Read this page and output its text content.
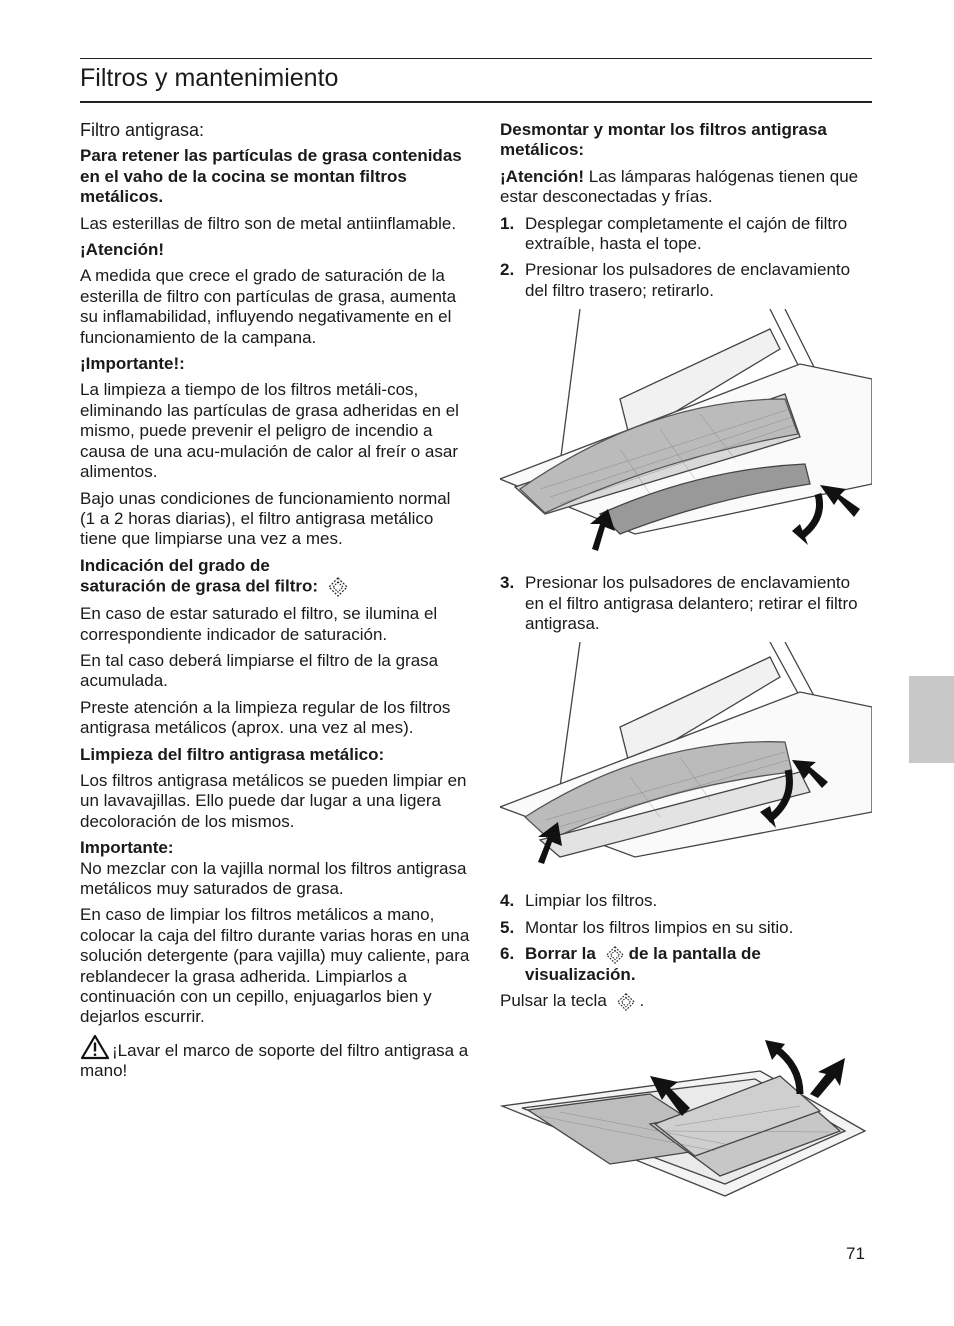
Filtros y mantenimiento
Filtro antigrasa:

Para retener las partículas de grasa contenidas en el vaho de la cocina se montan filtros metálicos.

Las esterillas de filtro son de metal antiinflamable.

¡Atención!

A medida que crece el grado de saturación de la esterilla de filtro con partículas de grasa, aumenta su inflamabilidad, influyendo negativamente en el funcionamiento de la campana.

¡Importante!:

La limpieza a tiempo de los filtros metáli-cos, eliminando las partículas de grasa adheridas en el mismo, puede prevenir el peligro de incendio a causa de una acu-mulación de calor al freír o asar alimentos.

Bajo unas condiciones de funcionamiento normal (1 a 2 horas diarias), el filtro antigrasa metálico tiene que limpiarse una vez a mes.

Indicación del grado de
saturación de grasa del filtro:

En caso de estar saturado el filtro, se ilumina el correspondiente indicador de saturación.

En tal caso deberá limpiarse el filtro de la grasa acumulada.

Preste atención a la limpieza regular de los filtros antigrasa metálicos (aprox. una vez al mes).

Limpieza del filtro antigrasa metálico:

Los filtros antigrasa metálicos se pueden limpiar en un lavavajillas. Ello puede dar lugar a una ligera decoloración de los mismos.

Importante:

No mezclar con la vajilla normal los filtros antigrasa metálicos muy saturados de grasa.

En caso de limpiar los filtros metálicos a mano, colocar la caja del filtro durante varias horas en una solución detergente (para vajilla) muy caliente, para reblandecer la grasa adherida. Limpiarlos a continuación con un cepillo, enjuagarlos bien y dejarlos escurrir.

¡Lavar el marco de soporte del filtro antigrasa a mano!

Desmontar y montar los filtros antigrasa metálicos:

¡Atención! Las lámparas halógenas tienen que estar desconectadas y frías.

1. Desplegar completamente el cajón de filtro extraíble, hasta el tope.
2. Presionar los pulsadores de enclavamiento del filtro trasero; retirarlo.
3. Presionar los pulsadores de enclavamiento en el filtro antigrasa delantero; retirar el filtro antigrasa.
4. Limpiar los filtros.
5. Montar los filtros limpios en su sitio.
6. Borrar la de la pantalla de visualización.

Pulsar la tecla .

71
